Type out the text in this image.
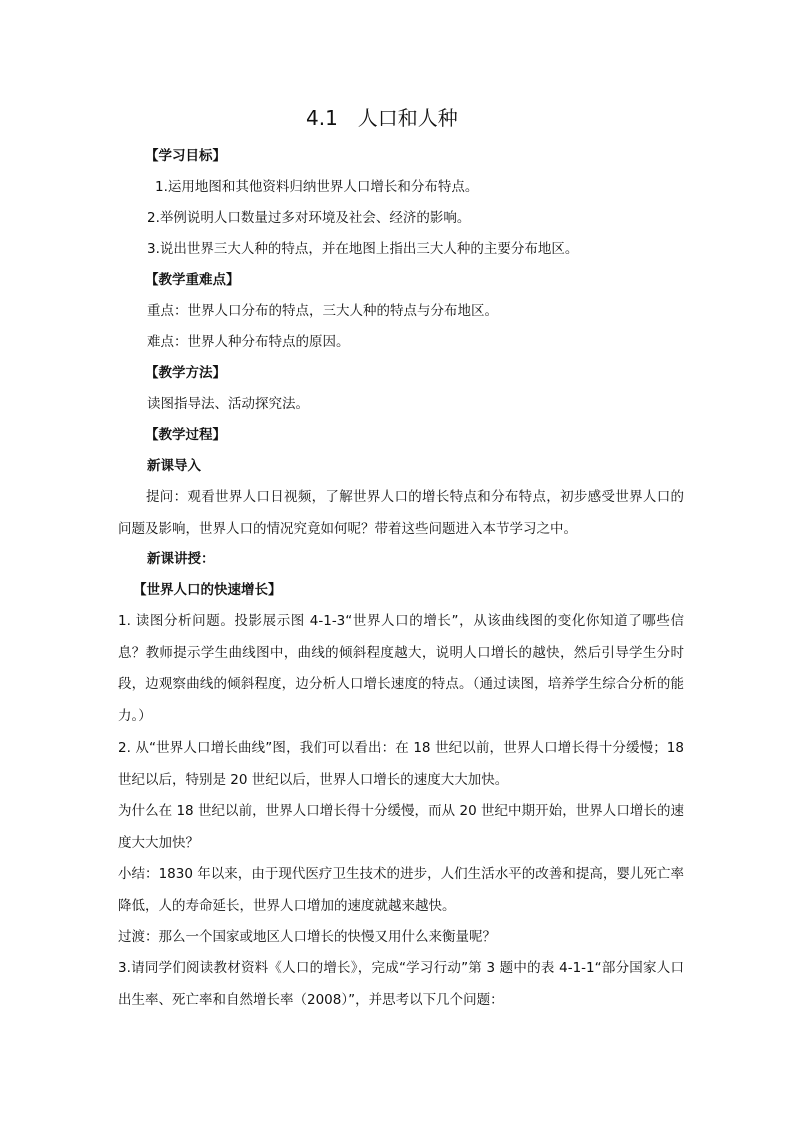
4.1　人口和人种
【学习目标】
1.运用地图和其他资料归纳世界人口增长和分布特点。
2.举例说明人口数量过多对环境及社会、经济的影响。
3.说出世界三大人种的特点，并在地图上指出三大人种的主要分布地区。
【教学重难点】
重点：世界人口分布的特点，三大人种的特点与分布地区。
难点：世界人种分布特点的原因。
【教学方法】
读图指导法、活动探究法。
【教学过程】
新课导入

提问：观看世界人口日视频，了解世界人口的增长特点和分布特点，初步感受世界人口的问题及影响，世界人口的情况究竟如何呢？带着这些问题进入本节学习之中。

新课讲授：
【世界人口的快速增长】

1. 读图分析问题。投影展示图 4-1-3“世界人口的增长”，从该曲线图的变化你知道了哪些信息？教师提示学生曲线图中，曲线的倾斜程度越大，说明人口增长的越快，然后引导学生分时段，边观察曲线的倾斜程度，边分析人口增长速度的特点。（通过读图，培养学生综合分析的能力。）

2. 从“世界人口增长曲线”图，我们可以看出：在 18 世纪以前，世界人口增长得十分缓慢；18 世纪以后，特别是 20 世纪以后，世界人口增长的速度大大加快。

为什么在 18 世纪以前，世界人口增长得十分缓慢，而从 20 世纪中期开始，世界人口增长的速度大大加快？

小结：1830 年以来，由于现代医疗卫生技术的进步，人们生活水平的改善和提高，婴儿死亡率降低，人的寿命延长，世界人口增加的速度就越来越快。

过渡：那么一个国家或地区人口增长的快慢又用什么来衡量呢？

3.请同学们阅读教材资料《人口的增长》，完成“学习行动”第 3 题中的表 4-1-1“部分国家人口出生率、死亡率和自然增长率（2008）”，并思考以下几个问题：
